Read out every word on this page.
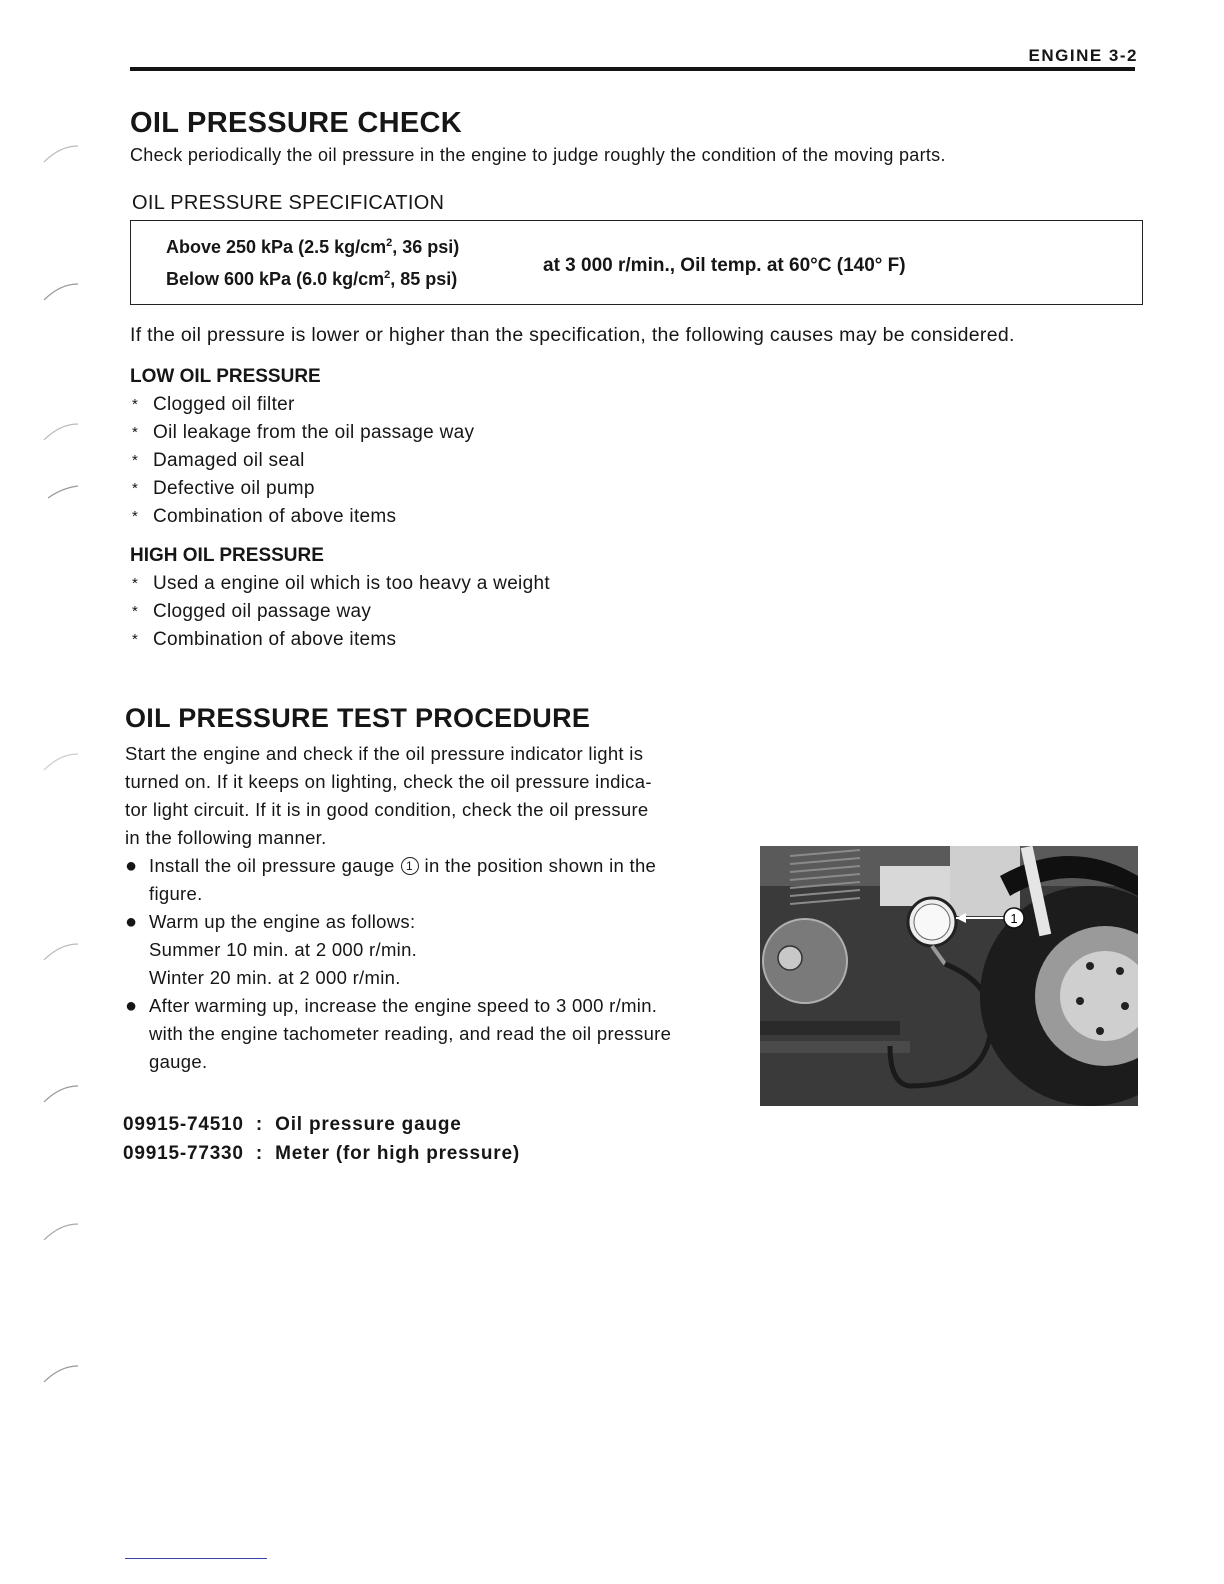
ENGINE 3-2
OIL PRESSURE CHECK
Check periodically the oil pressure in the engine to judge roughly the condition of the moving parts.
OIL PRESSURE SPECIFICATION
Above 250 kPa (2.5 $kg/cm^2$, 36 psi)
Below 600 kPa (6.0 $kg/cm^2$, 85 psi)
at 3 000 r/min., Oil temp. at 60°C (140° F)
If the oil pressure is lower or higher than the specification, the following causes may be considered.
LOW OIL PRESSURE
* Clogged oil filter
* Oil leakage from the oil passage way
* Damaged oil seal
* Defective oil pump
* Combination of above items
HIGH OIL PRESSURE
* Used a engine oil which is too heavy a weight
* Clogged oil passage way
* Combination of above items
OIL PRESSURE TEST PROCEDURE
Start the engine and check if the oil pressure indicator light is
turned on. If it keeps on lighting, check the oil pressure indica-
tor light circuit. If it is in good condition, check the oil pressure
in the following manner.
● Install the oil pressure gauge 1 in the position shown in the
figure.
● Warm up the engine as follows:
Summer 10 min. at 2 000 r/min.
Winter 20 min. at 2 000 r/min.
● After warming up, increase the engine speed to 3 000 r/min.
with the engine tachometer reading, and read the oil pressure
gauge.
1
09915-74510 : Oil pressure gauge
09915-77330 : Meter (for high pressure)
